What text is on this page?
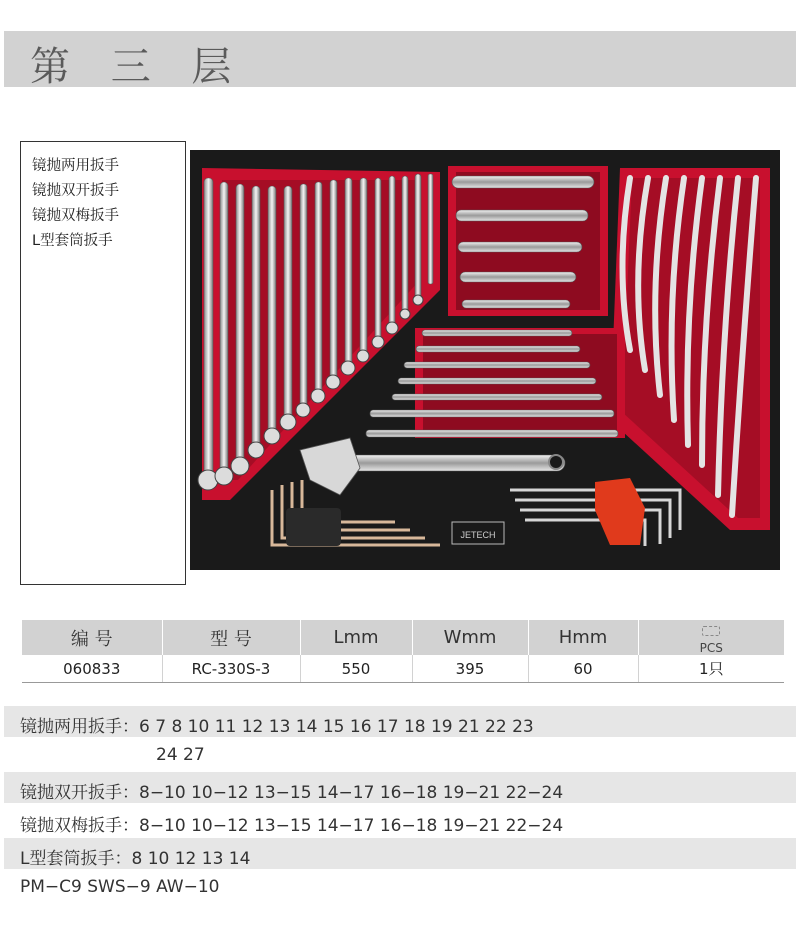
第 三 层
镜抛两用扳手
镜抛双开扳手
镜抛双梅扳手
L型套筒扳手
JETECH
编 号	型 号	Lmm	Wmm	Hmm	PCS

060833	RC-330S-3	550	395	60	1只
镜抛两用扳手：6 7 8 10 11 12 13 14 15 16 17 18 19 21 22 23
24 27
镜抛双开扳手：8−10 10−12 13−15 14−17 16−18 19−21 22−24
镜抛双梅扳手：8−10 10−12 13−15 14−17 16−18 19−21 22−24
L型套筒扳手：8 10 12 13 14
PM−C9 SWS−9 AW−10
